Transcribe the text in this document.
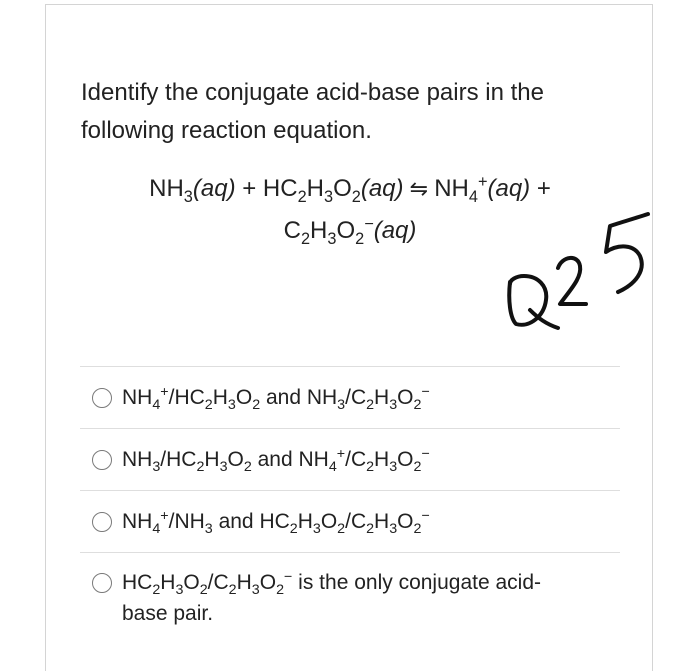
Identify the conjugate acid-base pairs in the
following reaction equation.
$NH_3(aq) + HC_2H_3O_2(aq)$ ⇋ $NH_4^+(aq)$ +
$C_2H_3O_2^-(aq)$
$NH_4^+/HC_2H_3O_2$ and $NH_3/C_2H_3O_2^-$
$NH_3/HC_2H_3O_2$ and $NH_4^+/C_2H_3O_2^-$
$NH_4^+/NH_3$ and $HC_2H_3O_2/C_2H_3O_2^-$
$HC_2H_3O_2/C_2H_3O_2^-$ is the only conjugate acid-
base pair.
